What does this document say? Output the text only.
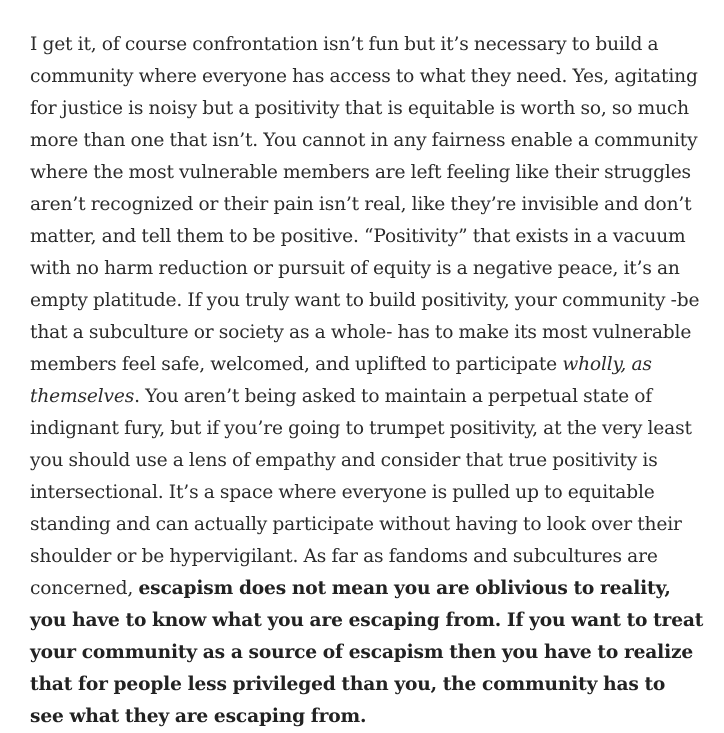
I get it, of course confrontation isn’t fun but it’s necessary to build a community where everyone has access to what they need. Yes, agitating for justice is noisy but a positivity that is equitable is worth so, so much more than one that isn’t. You cannot in any fairness enable a community where the most vulnerable members are left feeling like their struggles aren’t recognized or their pain isn’t real, like they’re invisible and don’t matter, and tell them to be positive. “Positivity” that exists in a vacuum with no harm reduction or pursuit of equity is a negative peace, it’s an empty platitude. If you truly want to build positivity, your community -be that a subculture or society as a whole- has to make its most vulnerable members feel safe, welcomed, and uplifted to participate wholly, as themselves. You aren’t being asked to maintain a perpetual state of indignant fury, but if you’re going to trumpet positivity, at the very least you should use a lens of empathy and consider that true positivity is intersectional. It’s a space where everyone is pulled up to equitable standing and can actually participate without having to look over their shoulder or be hypervigilant. As far as fandoms and subcultures are concerned, escapism does not mean you are oblivious to reality, you have to know what you are escaping from. If you want to treat your community as a source of escapism then you have to realize that for people less privileged than you, the community has to see what they are escaping from.
